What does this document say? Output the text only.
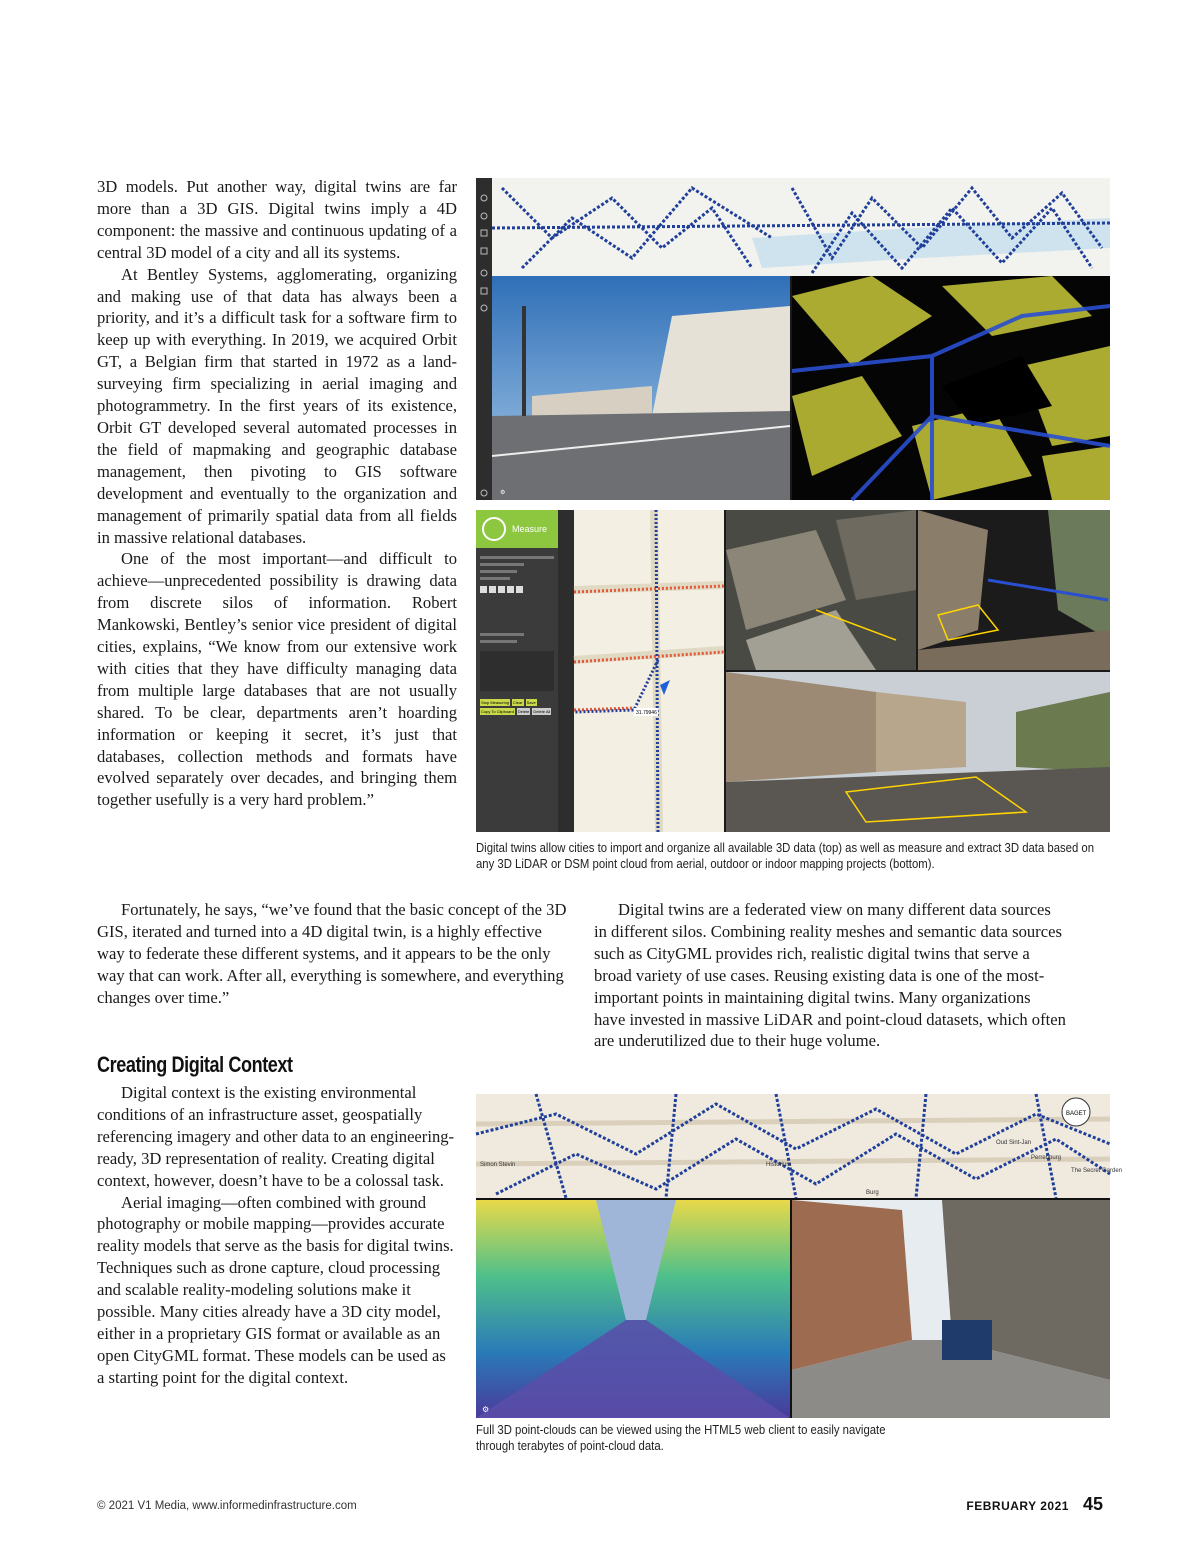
3D models. Put another way, digital twins are far more than a 3D GIS. Digital twins imply a 4D component: the massive and continuous updating of a central 3D model of a city and all its systems.

At Bentley Systems, agglomerating, organizing and making use of that data has always been a priority, and it’s a difficult task for a software firm to keep up with everything. In 2019, we acquired Orbit GT, a Belgian firm that started in 1972 as a land-surveying firm specializing in aerial imaging and photogrammetry. In the first years of its existence, Orbit GT developed several automated processes in the field of mapmaking and geographic database management, then pivoting to GIS software development and eventually to the organization and management of primarily spatial data from all fields in massive relational databases.

One of the most important—and difficult to achieve—unprecedented possibility is drawing data from discrete silos of information. Robert Mankowski, Bentley’s senior vice president of digital cities, explains, “We know from our extensive work with cities that they have difficulty managing data from multiple large databases that are not usually shared. To be clear, departments aren’t hoarding information or keeping it secret, it’s just that databases, collection methods and formats have evolved separately over decades, and bringing them together usefully is a very hard problem.”

Fortunately, he says, “we’ve found that the basic concept of the 3D GIS, iterated and turned into a 4D digital twin, is a highly effective way to federate these different systems, and it appears to be the only way that can work. After all, everything is somewhere, and everything changes over time.”

Digital twins are a federated view on many different data sources in different silos. Combining reality meshes and semantic data sources such as CityGML provides rich, realistic digital twins that serve a broad variety of use cases. Reusing existing data is one of the most-important points in maintaining digital twins. Many organizations have invested in massive LiDAR and point-cloud datasets, which often are underutilized due to their huge volume.

Creating Digital Context

Digital context is the existing environmental conditions of an infrastructure asset, geospatially referencing imagery and other data to an engineering-ready, 3D representation of reality. Creating digital context, however, doesn’t have to be a colossal task.

Aerial imaging—often combined with ground photography or mobile mapping—provides accurate reality models that serve as the basis for digital twins. Techniques such as drone capture, cloud processing and scalable reality-modeling solutions make it possible. Many cities already have a 3D city model, either in a proprietary GIS format or available as an open CityGML format. These models can be used as a starting point for the digital context.

⚙
Measure
Stop Measuring Clear Save
Copy To Clipboard Delete Delete All	31.79946
Digital twins allow cities to import and organize all available 3D data (top) as well as measure and extract 3D data based on any 3D LiDAR or DSM point cloud from aerial, outdoor or indoor mapping projects (bottom).
BAGET
Historium
Burg
Simon Stevin
The Secret Garden
Perrenburg
Oud Sint-Jan
⚙
Full 3D point-clouds can be viewed using the HTML5 web client to easily navigate through terabytes of point-cloud data.
© 2021 V1 Media, www.informedinfrastructure.com	FEBRUARY 2021 45
